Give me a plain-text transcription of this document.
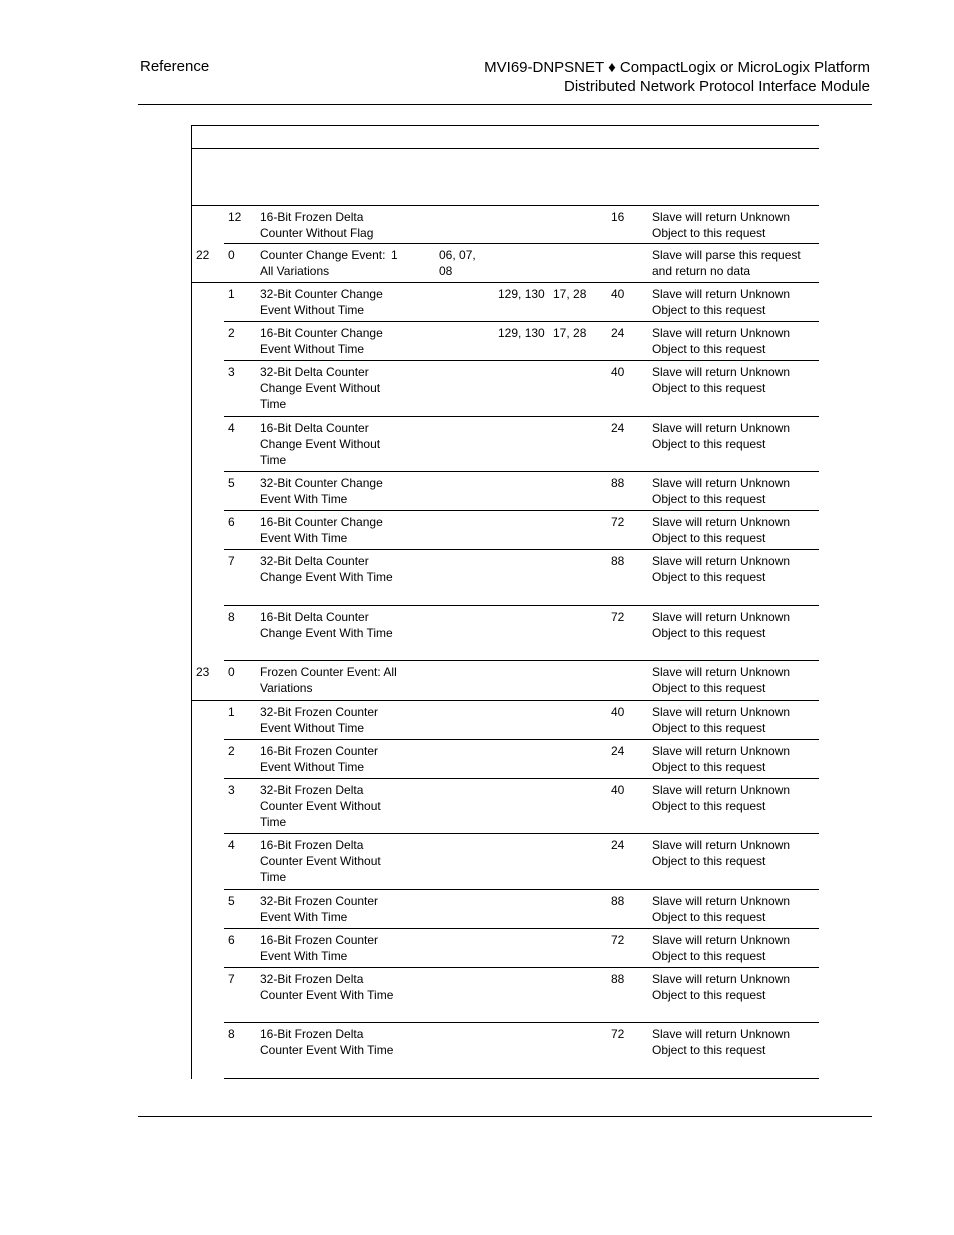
Reference	MVI69-DNPSNET ♦ CompactLogix or MicroLogix Platform
Distributed Network Protocol Interface Module
12 16-Bit Frozen Delta Counter Without Flag
16 Slave will return Unknown Object to this request
22 0 Counter Change Event: All Variations
1	06, 07, 08
Slave will parse this request and return no data
1 32-Bit Counter Change Event Without Time
129, 130 17, 28 40 Slave will return Unknown Object to this request
2 16-Bit Counter Change Event Without Time
129, 130 17, 28 24 Slave will return Unknown Object to this request
3 32-Bit Delta Counter Change Event Without Time
40 Slave will return Unknown Object to this request
4 16-Bit Delta Counter Change Event Without Time
24 Slave will return Unknown Object to this request
5 32-Bit Counter Change Event With Time
88 Slave will return Unknown Object to this request
6 16-Bit Counter Change Event With Time
72 Slave will return Unknown Object to this request
7 32-Bit Delta Counter Change Event With Time
88 Slave will return Unknown Object to this request
8 16-Bit Delta Counter Change Event With Time
72 Slave will return Unknown Object to this request
23 0 Frozen Counter Event: All Variations
Slave will return Unknown Object to this request
1 32-Bit Frozen Counter Event Without Time
40 Slave will return Unknown Object to this request
2 16-Bit Frozen Counter Event Without Time
24 Slave will return Unknown Object to this request
3 32-Bit Frozen Delta Counter Event Without Time
40 Slave will return Unknown Object to this request
4 16-Bit Frozen Delta Counter Event Without Time
24 Slave will return Unknown Object to this request
5 32-Bit Frozen Counter Event With Time
88 Slave will return Unknown Object to this request
6 16-Bit Frozen Counter Event With Time
72 Slave will return Unknown Object to this request
7 32-Bit Frozen Delta Counter Event With Time
88 Slave will return Unknown Object to this request
8 16-Bit Frozen Delta Counter Event With Time
72 Slave will return Unknown Object to this request
